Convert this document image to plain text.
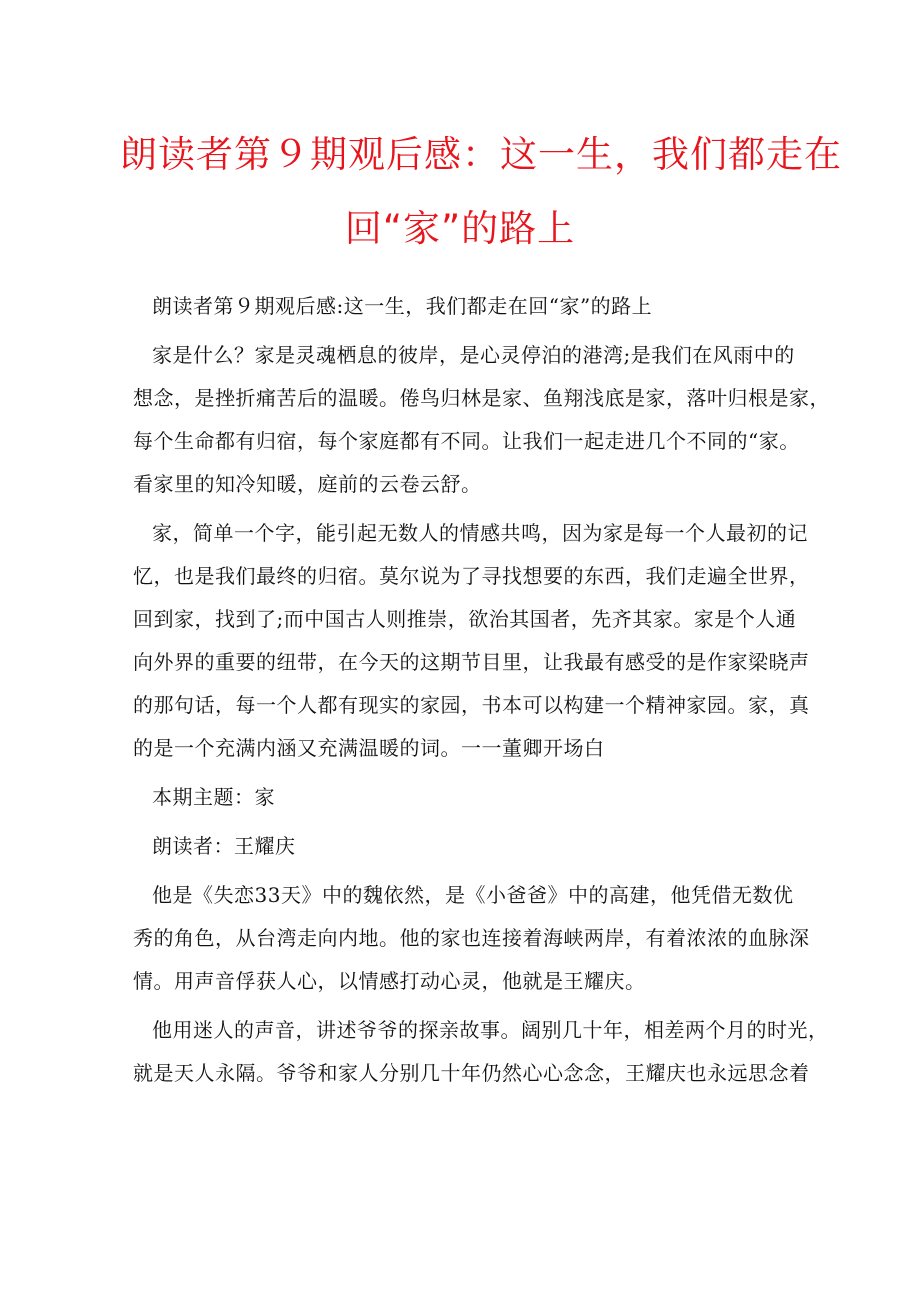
朗读者第９期观后感：这一生，我们都走在
回“家”的路上
朗读者第９期观后感:这一生，我们都走在回“家”的路上
家是什么？家是灵魂栖息的彼岸，是心灵停泊的港湾;是我们在风雨中的
想念，是挫折痛苦后的温暖。倦鸟归林是家、鱼翔浅底是家，落叶归根是家，
每个生命都有归宿，每个家庭都有不同。让我们一起走进几个不同的“家。
看家里的知冷知暖，庭前的云卷云舒。
家，简单一个字，能引起无数人的情感共鸣，因为家是每一个人最初的记
忆，也是我们最终的归宿。莫尔说为了寻找想要的东西，我们走遍全世界，
回到家，找到了;而中国古人则推崇，欲治其国者，先齐其家。家是个人通
向外界的重要的纽带，在今天的这期节目里，让我最有感受的是作家梁晓声
的那句话，每一个人都有现实的家园，书本可以构建一个精神家园。家，真
的是一个充满内涵又充满温暖的词。一一董卿开场白
本期主题：家
朗读者：王耀庆
他是《失恋33天》中的魏依然，是《小爸爸》中的高建，他凭借无数优
秀的角色，从台湾走向内地。他的家也连接着海峡两岸，有着浓浓的血脉深
情。用声音俘获人心，以情感打动心灵，他就是王耀庆。
他用迷人的声音，讲述爷爷的探亲故事。阔别几十年，相差两个月的时光，
就是天人永隔。爷爷和家人分别几十年仍然心心念念，王耀庆也永远思念着
